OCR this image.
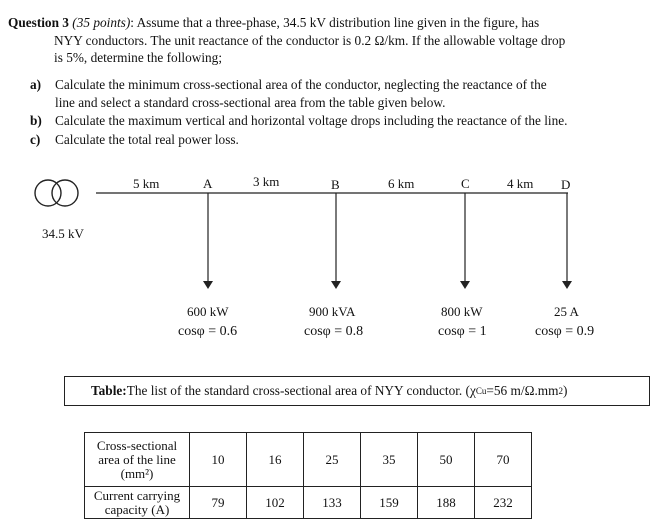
Question 3 (35 points): Assume that a three-phase, 34.5 kV distribution line given in the figure, has
NYY conductors. The unit reactance of the conductor is 0.2 Ω/km. If the allowable voltage drop
is 5%, determine the following;
a) Calculate the minimum cross-sectional area of the conductor, neglecting the reactance of the
line and select a standard cross-sectional area from the table given below.
b) Calculate the maximum vertical and horizontal voltage drops including the reactance of the line.
c) Calculate the total real power loss.
34.5 kV
5 km	3 km	6 km	4 km
A	B	C	D
600 kW
cosφ = 0.6
900 kVA
cosφ = 0.8
800 kW
cosφ = 1
25 A
cosφ = 0.9
Table: The list of the standard cross-sectional area of NYY conductor. (χ Cu =56 m/Ω.mm 2 )
Cross-sectional area of the line (mm²)	10	16	25	35	50	70
Current carrying capacity (A)	79	102	133	159	188	232
